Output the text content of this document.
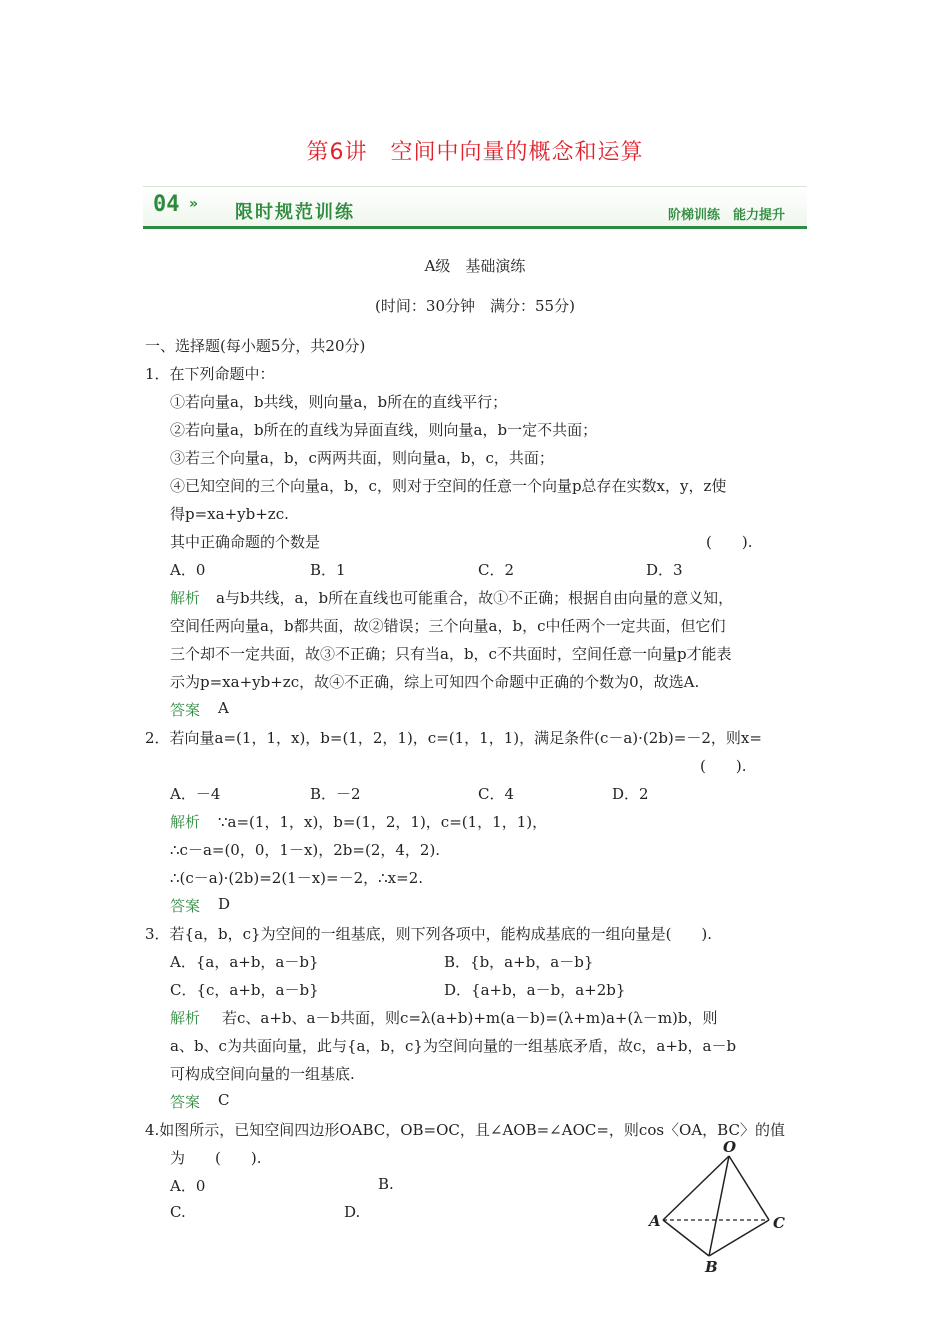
第6讲　空间中向量的概念和运算
04 » 限时规范训练	阶梯训练　能力提升
A级　基础演练
(时间：30分钟　满分：55分)
一、选择题(每小题5分，共20分)
1．在下列命题中：
①若向量a，b共线，则向量a，b所在的直线平行；
②若向量a，b所在的直线为异面直线，则向量a，b一定不共面；
③若三个向量a，b，c两两共面，则向量a，b，c，共面；
④已知空间的三个向量a，b，c，则对于空间的任意一个向量p总存在实数x，y，z使
得p=xa+yb+zc.
其中正确命题的个数是	(　　).
A．0	B．1	C．2	D．3
解析 a与b共线，a，b所在直线也可能重合，故①不正确；根据自由向量的意义知，
空间任两向量a，b都共面，故②错误；三个向量a，b，c中任两个一定共面，但它们
三个却不一定共面，故③不正确；只有当a，b，c不共面时，空间任意一向量p才能表
示为p=xa+yb+zc，故④不正确，综上可知四个命题中正确的个数为0，故选A.
答案 A
2．若向量a=(1，1，x)，b=(1，2，1)，c=(1，1，1)，满足条件(c－a)·(2b)=－2，则x=
(　　).
A．－4	B．－2	C．4	D．2
解析 ∵a=(1，1，x)，b=(1，2，1)，c=(1，1，1)，
∴c－a=(0，0，1－x)，2b=(2，4，2).
∴(c－a)·(2b)=2(1－x)=－2，∴x=2.
答案 D
3．若{a，b，c}为空间的一组基底，则下列各项中，能构成基底的一组向量是(　　).
A．{a，a+b，a－b}	B．{b，a+b，a－b}
C．{c，a+b，a－b}	D．{a+b，a－b，a+2b}
解析 若c、a+b、a－b共面，则c=λ(a+b)+m(a－b)=(λ+m)a+(λ－m)b，则
a、b、c为共面向量，此与{a，b，c}为空间向量的一组基底矛盾，故c，a+b，a－b
可构成空间向量的一组基底.
答案 C
4.如图所示，已知空间四边形OABC，OB=OC，且∠AOB=∠AOC=，则cos〈OA，BC〉的值
为　　(　　).
A．0	B.
C.	D.
O
A	C
B
